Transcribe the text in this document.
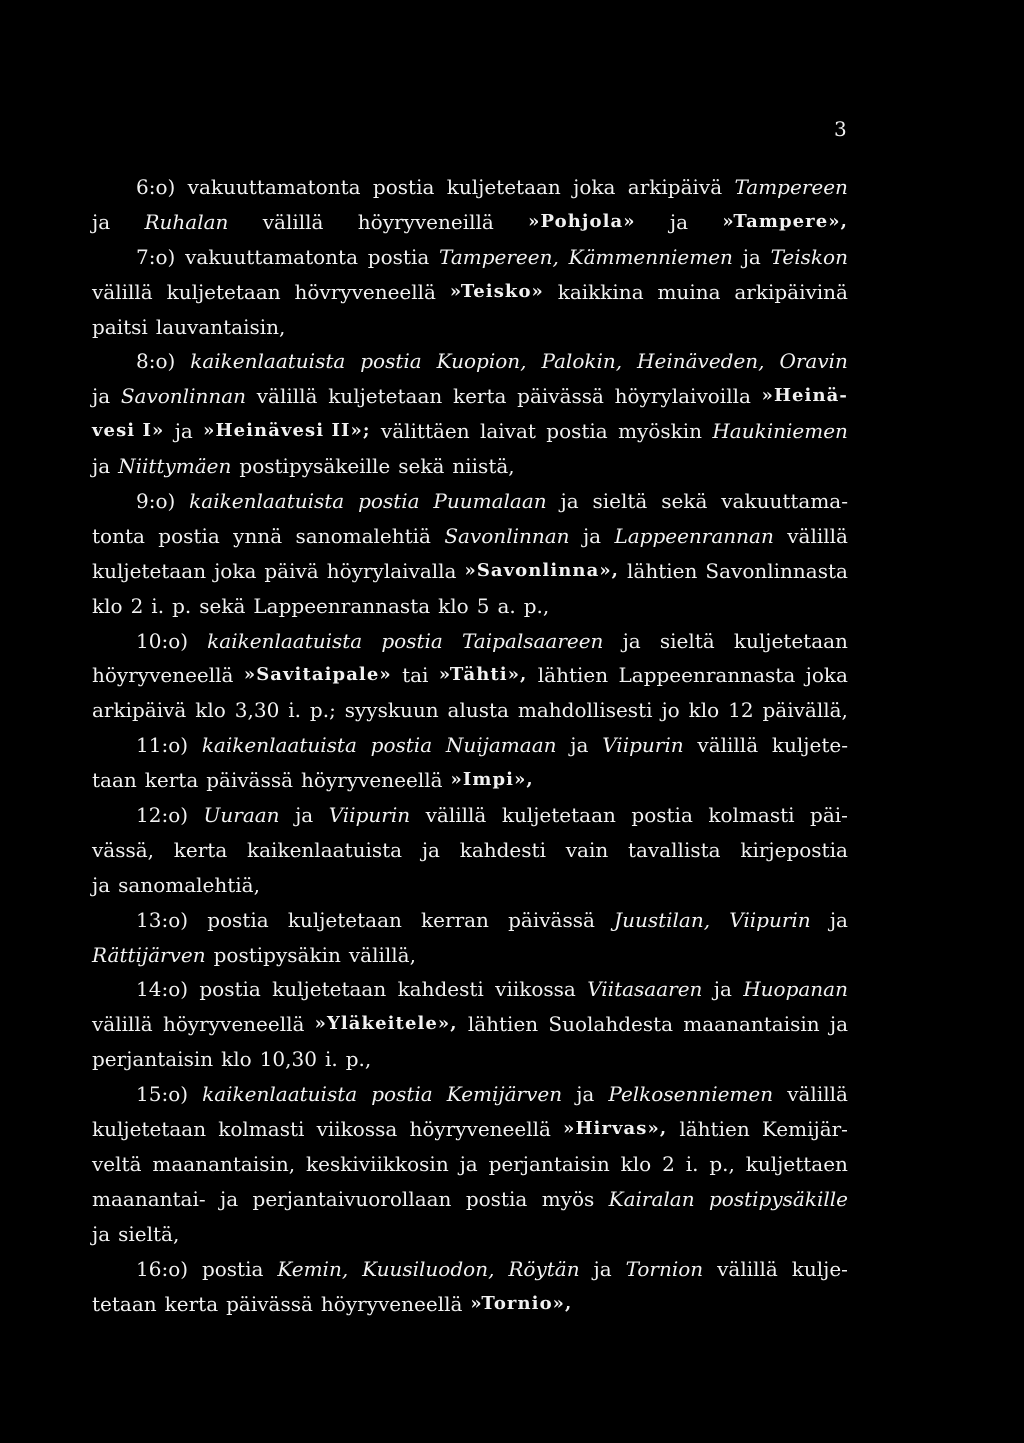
3
6:o) vakuuttamatonta postia kuljetetaan joka arkipäivä Tampereen
ja Ruhalan välillä höyryveneillä »Pohjola» ja »Tampere»,
7:o) vakuuttamatonta postia Tampereen, Kämmenniemen ja Teiskon
välillä kuljetetaan hövryveneellä »Teisko» kaikkina muina arkipäivinä
paitsi lauvantaisin,
8:o) kaikenlaatuista postia Kuopion, Palokin, Heinäveden, Oravin
ja Savonlinnan välillä kuljetetaan kerta päivässä höyrylaivoilla »Heinä-
vesi I» ja »Heinävesi II»; välittäen laivat postia myöskin Haukiniemen
ja Niittymäen postipysäkeille sekä niistä,
9:o) kaikenlaatuista postia Puumalaan ja sieltä sekä vakuuttama-
tonta postia ynnä sanomalehtiä Savonlinnan ja Lappeenrannan välillä
kuljetetaan joka päivä höyrylaivalla »Savonlinna», lähtien Savonlinnasta
klo 2 i. p. sekä Lappeenrannasta klo 5 a. p.,
10:o) kaikenlaatuista postia Taipalsaareen ja sieltä kuljetetaan
höyryveneellä »Savitaipale» tai »Tähti», lähtien Lappeenrannasta joka
arkipäivä klo 3,30 i. p.; syyskuun alusta mahdollisesti jo klo 12 päivällä,
11:o) kaikenlaatuista postia Nuijamaan ja Viipurin välillä kuljete-
taan kerta päivässä höyryveneellä »Impi»,
12:o) Uuraan ja Viipurin välillä kuljetetaan postia kolmasti päi-
vässä, kerta kaikenlaatuista ja kahdesti vain tavallista kirjepostia
ja sanomalehtiä,
13:o) postia kuljetetaan kerran päivässä Juustilan, Viipurin ja
Rättijärven postipysäkin välillä,
14:o) postia kuljetetaan kahdesti viikossa Viitasaaren ja Huopanan
välillä höyryveneellä »Yläkeitele», lähtien Suolahdesta maanantaisin ja
perjantaisin klo 10,30 i. p.,
15:o) kaikenlaatuista postia Kemijärven ja Pelkosenniemen välillä
kuljetetaan kolmasti viikossa höyryveneellä »Hirvas», lähtien Kemijär-
veltä maanantaisin, keskiviikkosin ja perjantaisin klo 2 i. p., kuljettaen
maanantai- ja perjantaivuorollaan postia myös Kairalan postipysäkille
ja sieltä,
16:o) postia Kemin, Kuusiluodon, Röytän ja Tornion välillä kulje-
tetaan kerta päivässä höyryveneellä »Tornio»,
